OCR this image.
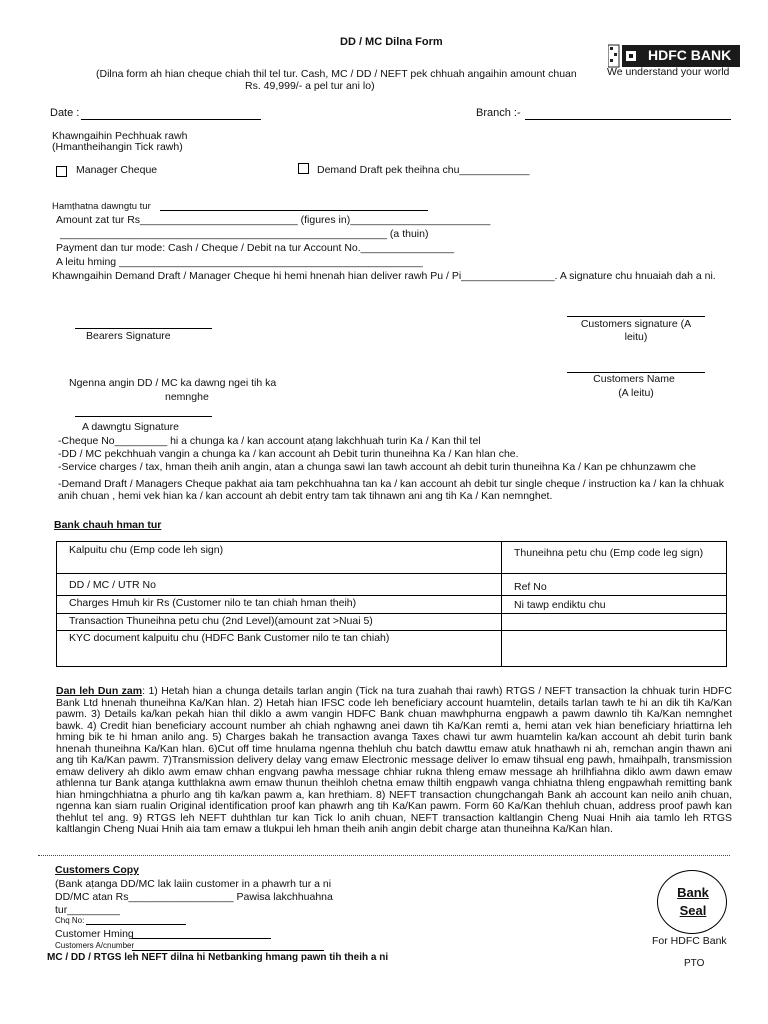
DD / MC Dilna Form
(Dilna form ah hian cheque chiah thil tel tur. Cash, MC / DD / NEFT pek chhuah angaihin amount chuan
Rs. 49,999/- a pel tur ani lo)
HDFC BANK
We understand your world
Date :	Branch :-
Khawngaihin Pechhuak rawh
(Hmantheihangin Tick rawh)
Manager Cheque	Demand Draft pek theihna chu____________
Hamṭhatna dawngtu tur
Amount zat tur Rs___________________________ (figures in)________________________
________________________________________________________ (a thuin)
Payment dan tur mode: Cash / Cheque / Debit na tur Account No.________________
A leitu hming ____________________________________________________
Khawngaihin Demand Draft / Manager Cheque hi hemi hnenah hian deliver rawh Pu / Pi________________. A signature chu hnuaiah dah a ni.
Bearers Signature
Customers signature (A
leitu)
Customers Name
(A leitu)
Ngenna angin DD / MC ka dawng ngei tih ka
nemnghe
A dawngtu Signature
-Cheque No_________ hi a chunga ka / kan account aṭang lakchhuah turin Ka / Kan thil tel
-DD / MC pekchhuah vangin a chunga ka / kan account ah Debit turin thuneihna Ka / Kan hlan che.
-Service charges / tax, hman theih anih angin, atan a chunga sawi lan tawh account ah debit turin thuneihna Ka / Kan pe chhunzawm che
-Demand Draft / Managers Cheque pakhat aia tam pekchhuahna tan ka / kan account ah debit tur single cheque / instruction ka / kan la chhuak
anih chuan , hemi vek hian ka / kan account ah debit entry tam tak tihnawn ani ang tih Ka / Kan nemnghet.
Bank chauh hman tur
Kalpuitu chu (Emp code leh sign)	Thuneihna petu chu (Emp code leg sign)
DD / MC / UTR No	Ref No
Charges Hmuh kir Rs (Customer nilo te tan chiah hman theih)	Ni tawp endiktu chu
Transaction Thuneihna petu chu (2nd Level)(amount zat >Nuai 5)	
KYC document kalpuitu chu (HDFC Bank Customer nilo te tan chiah)	
Dan leh Dun zam: 1) Hetah hian a chunga details tarlan angin (Tick na tura zuahah thai rawh) RTGS / NEFT transaction la chhuak turin HDFC Bank Ltd hnenah thuneihna Ka/Kan hlan. 2) Hetah hian IFSC code leh beneficiary account huamtelin, details tarlan tawh te hi an dik tih Ka/Kan pawm. 3) Details ka/kan pekah hian thil diklo a awm vangin HDFC Bank chuan mawhphurna engpawh a pawm dawnlo tih Ka/Kan nemnghet bawk. 4) Credit hian beneficiary account number ah chiah nghawng anei dawn tih Ka/Kan remti a, hemi atan vek hian beneficiary hriattirna leh hming bik te hi hman anilo ang. 5) Charges bakah he transaction avanga Taxes chawi tur awm huamtelin ka/kan account ah debit turin bank hnenah thuneihna Ka/Kan hlan. 6)Cut off time hnulama ngenna thehluh chu batch dawttu emaw atuk hnathawh ni ah, remchan angin thawn ani ang tih Ka/Kan pawm. 7)Transmission delivery delay vang emaw Electronic message deliver lo emaw tihsual eng pawh, hmaihpalh, transmission emaw delivery ah diklo awm emaw chhan engvang pawha message chhiar rukna thleng emaw message ah hrilhfiahna diklo awm dawn emaw athlenna tur Bank aṭanga kutthlakna awm emaw thunun theihloh chetna emaw thiltih engpawh vanga chhiatna thleng engpawhah remitting bank hian hmingchhiatna a phurlo ang tih ka/kan pawm a, kan hrethiam. 8) NEFT transaction chungchangah Bank ah account kan neilo anih chuan, ngenna kan siam rualin Original identification proof kan phawrh ang tih Ka/Kan pawm. Form 60 Ka/Kan thehluh chuan, address proof pawh kan thehlut tel ang. 9) RTGS leh NEFT duhthlan tur kan Tick lo anih chuan, NEFT transaction kaltlangin Cheng Nuai Hnih aia tamlo leh RTGS kaltlangin Cheng Nuai Hnih aia tam emaw a tlukpui leh hman theih anih angin debit charge atan thuneihna Ka/Kan hlan.
Customers Copy
(Bank aṭanga DD/MC lak laiin customer in a phawrh tur a ni
DD/MC atan Rs__________________ Pawisa lakchhuahna
tur_________
Chq No:
Customer Hming
Customers A/cnumber
Bank
Seal
For HDFC Bank
MC / DD / RTGS leh NEFT dilna hi Netbanking hmang pawn tih theih a ni
PTO
